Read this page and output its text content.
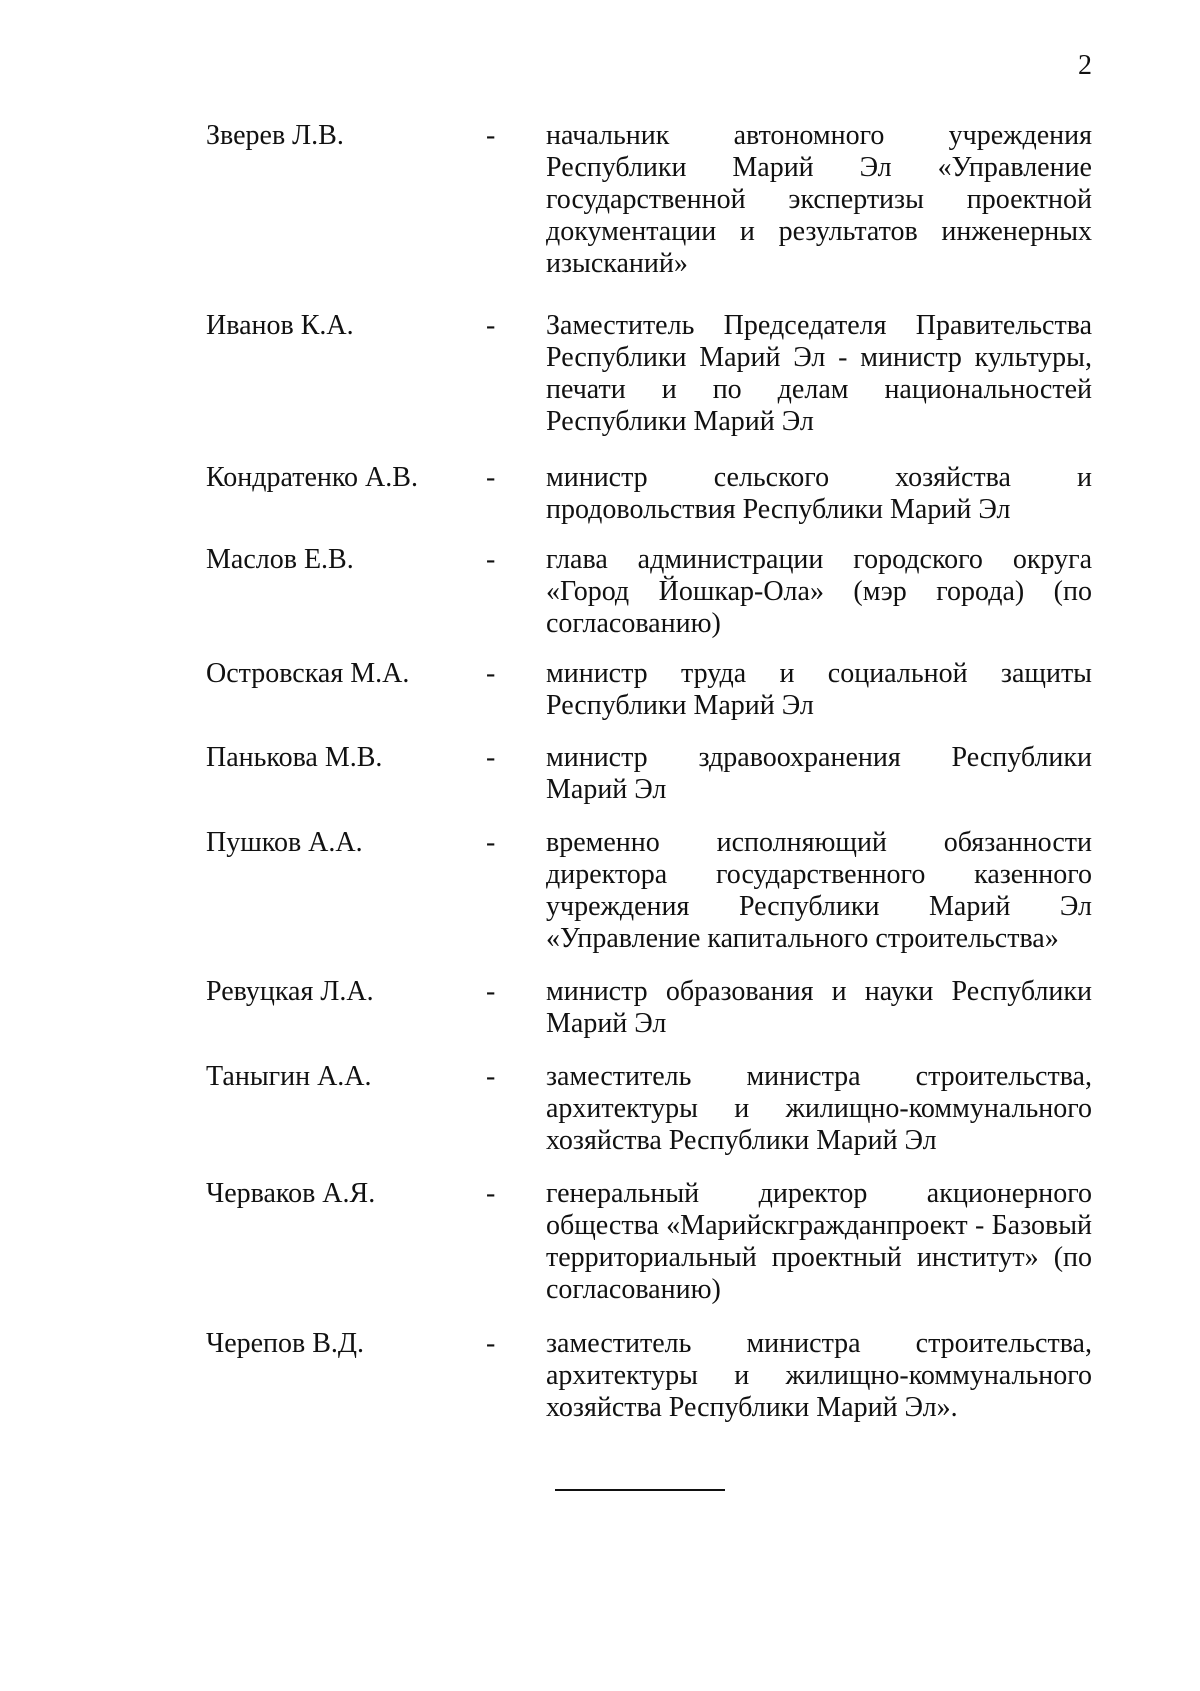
2
Зверев Л.В.	-	начальник автономного учреждения Республики Марий Эл «Управление государственной экспертизы проектной документации и результатов инженерных изысканий»
Иванов К.А.	-	Заместитель Председателя Правительства Республики Марий Эл - министр культуры, печати и по делам национальностей Республики Марий Эл
Кондратенко А.В.	-	министр сельского хозяйства и продовольствия Республики Марий Эл
Маслов Е.В.	-	глава администрации городского округа «Город Йошкар-Ола» (мэр города) (по согласованию)
Островская М.А.	-	министр труда и социальной защиты Республики Марий Эл
Панькова М.В.	-	министр здравоохранения Республики Марий Эл
Пушков А.А.	-	временно исполняющий обязанности директора государственного казенного учреждения Республики Марий Эл «Управление капитального строительства»
Ревуцкая Л.А.	-	министр образования и науки Республики Марий Эл
Таныгин А.А.	-	заместитель министра строительства, архитектуры и жилищно-коммунального хозяйства Республики Марий Эл
Черваков А.Я.	-	генеральный директор акционерного общества «Марийскгражданпроект - Базовый территориальный проектный институт» (по согласованию)
Черепов В.Д.	-	заместитель министра строительства, архитектуры и жилищно-коммунального хозяйства Республики Марий Эл».
